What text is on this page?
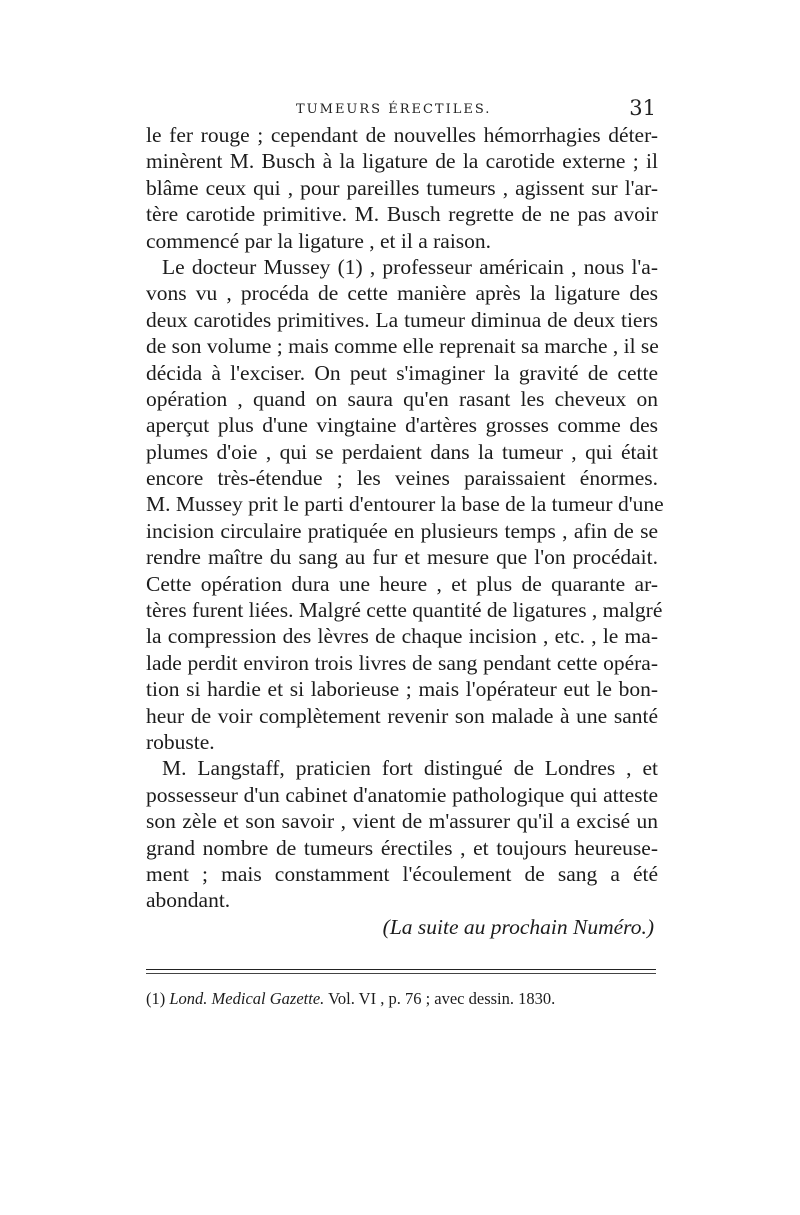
TUMEURS ÉRECTILES.	31
le fer rouge ; cependant de nouvelles hémorrhagies déter-
minèrent M. Busch à la ligature de la carotide externe ; il
blâme ceux qui , pour pareilles tumeurs , agissent sur l'ar-
tère carotide primitive. M. Busch regrette de ne pas avoir
commencé par la ligature , et il a raison.
Le docteur Mussey (1) , professeur américain , nous l'a-
vons vu , procéda de cette manière après la ligature des
deux carotides primitives. La tumeur diminua de deux tiers
de son volume ; mais comme elle reprenait sa marche , il se
décida à l'exciser. On peut s'imaginer la gravité de cette
opération , quand on saura qu'en rasant les cheveux on
aperçut plus d'une vingtaine d'artères grosses comme des
plumes d'oie , qui se perdaient dans la tumeur , qui était
encore très-étendue ; les veines paraissaient énormes.
M. Mussey prit le parti d'entourer la base de la tumeur d'une
incision circulaire pratiquée en plusieurs temps , afin de se
rendre maître du sang au fur et mesure que l'on procédait.
Cette opération dura une heure , et plus de quarante ar-
tères furent liées. Malgré cette quantité de ligatures , malgré
la compression des lèvres de chaque incision , etc. , le ma-
lade perdit environ trois livres de sang pendant cette opéra-
tion si hardie et si laborieuse ; mais l'opérateur eut le bon-
heur de voir complètement revenir son malade à une santé
robuste.
M. Langstaff, praticien fort distingué de Londres , et
possesseur d'un cabinet d'anatomie pathologique qui atteste
son zèle et son savoir , vient de m'assurer qu'il a excisé un
grand nombre de tumeurs érectiles , et toujours heureuse-
ment ; mais constamment l'écoulement de sang a été
abondant.
(La suite au prochain Numéro.)
(1) Lond. Medical Gazette. Vol. VI , p. 76 ; avec dessin. 1830.
